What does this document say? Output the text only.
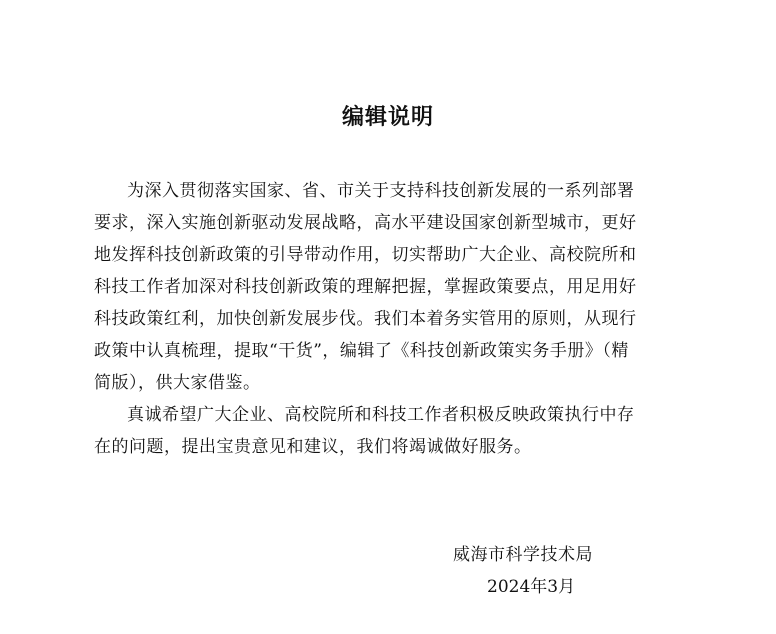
编辑说明
为深入贯彻落实国家、省、市关于支持科技创新发展的一系列部署
要求，深入实施创新驱动发展战略，高水平建设国家创新型城市，更好
地发挥科技创新政策的引导带动作用，切实帮助广大企业、高校院所和
科技工作者加深对科技创新政策的理解把握，掌握政策要点，用足用好
科技政策红利，加快创新发展步伐。我们本着务实管用的原则，从现行
政策中认真梳理，提取“干货”，编辑了《科技创新政策实务手册》（精
简版），供大家借鉴。
真诚希望广大企业、高校院所和科技工作者积极反映政策执行中存
在的问题，提出宝贵意见和建议，我们将竭诚做好服务。
威海市科学技术局
2024年3月
